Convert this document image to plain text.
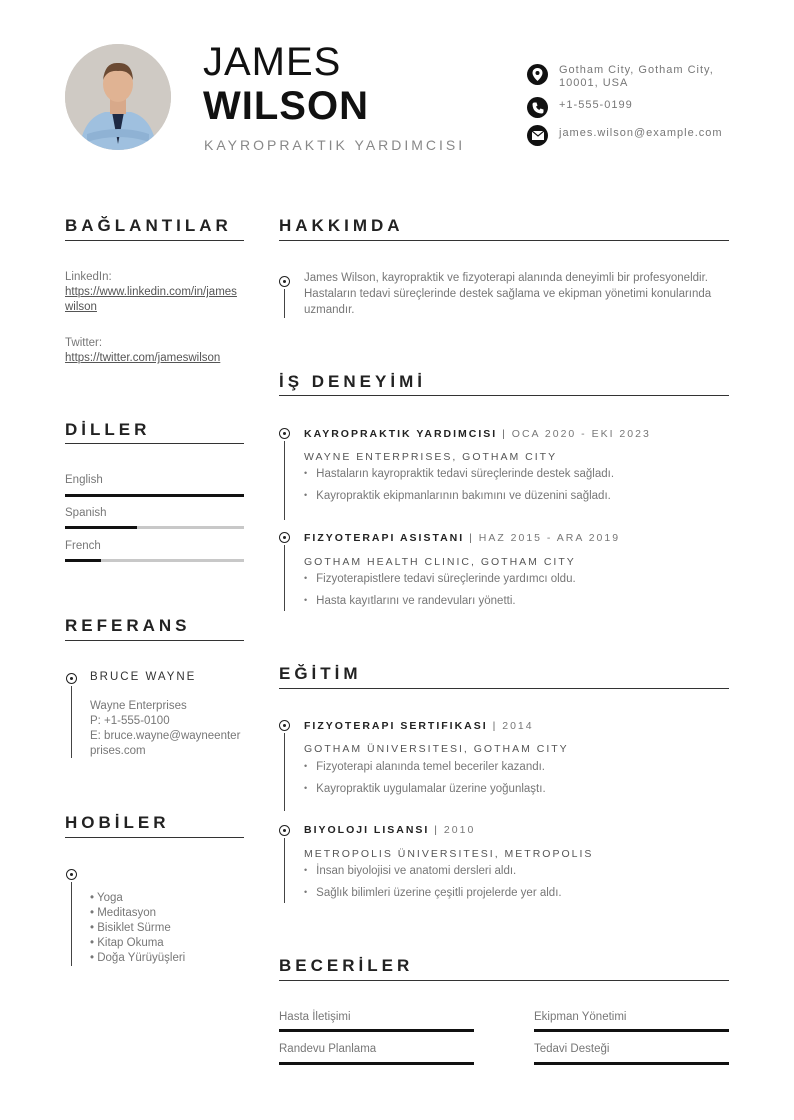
JAMES
WILSON
KAYROPRAKTIK YARDIMCISI
Gotham City, Gotham City, 10001, USA
+1-555-0199
james.wilson@example.com
BAĞLANTILAR
LinkedIn:
https://www.linkedin.com/in/jameswilson
Twitter:
https://twitter.com/jameswilson
DİLLER
English
Spanish
French
REFERANS
BRUCE WAYNE
Wayne Enterprises
P: +1-555-0100
E: bruce.wayne@wayneenterprises.com
HOBİLER
• Yoga
• Meditasyon
• Bisiklet Sürme
• Kitap Okuma
• Doğa Yürüyüşleri
HAKKIMDA
James Wilson, kayropraktik ve fizyoterapi alanında deneyimli bir profesyoneldir. Hastaların tedavi süreçlerinde destek sağlama ve ekipman yönetimi konularında uzmandır.
İŞ DENEYİMİ
KAYROPRAKTIK YARDIMCISI | OCA 2020 - EKI 2023
WAYNE ENTERPRISES, GOTHAM CITY
• Hastaların kayropraktik tedavi süreçlerinde destek sağladı.
• Kayropraktik ekipmanlarının bakımını ve düzenini sağladı.
FIZYOTERAPI ASISTANI | HAZ 2015 - ARA 2019
GOTHAM HEALTH CLINIC, GOTHAM CITY
• Fizyoterapistlere tedavi süreçlerinde yardımcı oldu.
• Hasta kayıtlarını ve randevuları yönetti.
EĞİTİM
FIZYOTERAPI SERTIFIKASI | 2014
GOTHAM ÜNIVERSITESI, GOTHAM CITY
• Fizyoterapi alanında temel beceriler kazandı.
• Kayropraktik uygulamalar üzerine yoğunlaştı.
BIYOLOJI LISANSI | 2010
METROPOLIS ÜNIVERSITESI, METROPOLIS
• İnsan biyolojisi ve anatomi dersleri aldı.
• Sağlık bilimleri üzerine çeşitli projelerde yer aldı.
BECERİLER
Hasta İletişimi	Ekipman Yönetimi
Randevu Planlama	Tedavi Desteği
